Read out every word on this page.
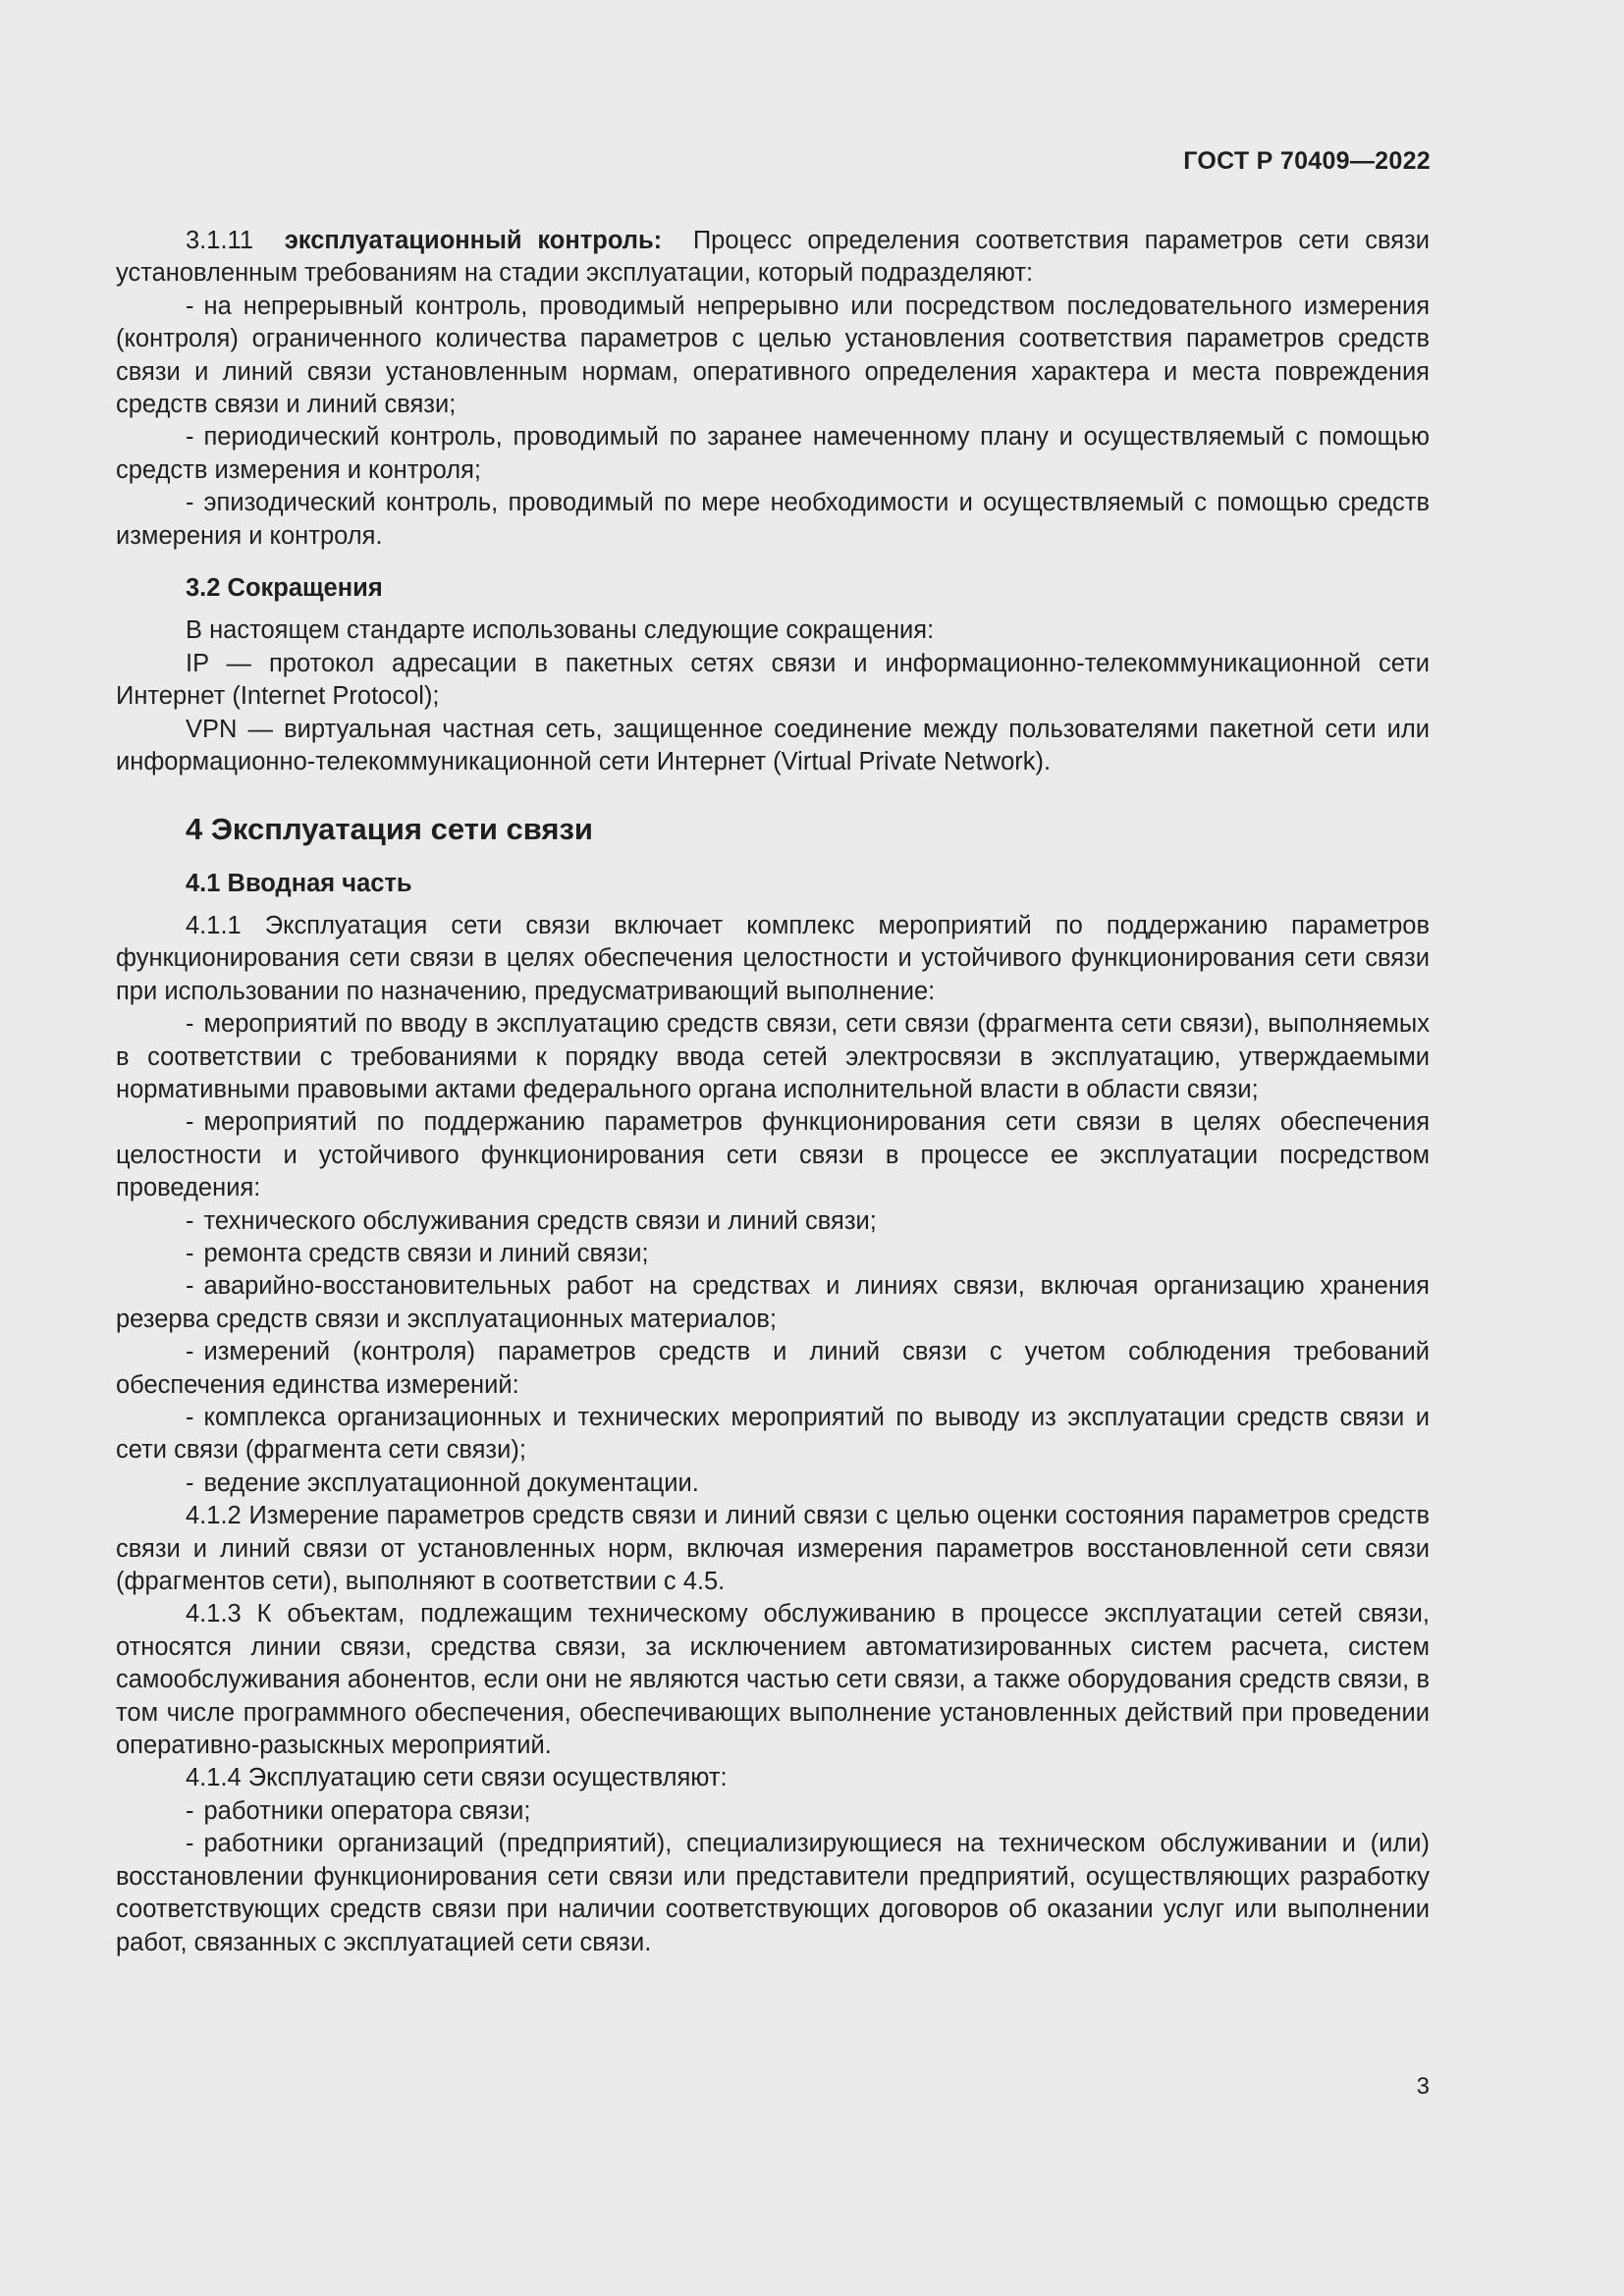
ГОСТ Р 70409—2022

3.1.11 эксплуатационный контроль: Процесс определения соответствия параметров сети связи установленным требованиям на стадии эксплуатации, который подразделяют:

- на непрерывный контроль, проводимый непрерывно или посредством последовательного измерения (контроля) ограниченного количества параметров с целью установления соответствия параметров средств связи и линий связи установленным нормам, оперативного определения характера и места повреждения средств связи и линий связи;

- периодический контроль, проводимый по заранее намеченному плану и осуществляемый с помощью средств измерения и контроля;

- эпизодический контроль, проводимый по мере необходимости и осуществляемый с помощью средств измерения и контроля.

3.2 Сокращения

В настоящем стандарте использованы следующие сокращения:

IP — протокол адресации в пакетных сетях связи и информационно-телекоммуникационной сети Интернет (Internet Protocol);

VPN — виртуальная частная сеть, защищенное соединение между пользователями пакетной сети или информационно-телекоммуникационной сети Интернет (Virtual Private Network).

4 Эксплуатация сети связи
4.1 Вводная часть

4.1.1 Эксплуатация сети связи включает комплекс мероприятий по поддержанию параметров функционирования сети связи в целях обеспечения целостности и устойчивого функционирования сети связи при использовании по назначению, предусматривающий выполнение:

- мероприятий по вводу в эксплуатацию средств связи, сети связи (фрагмента сети связи), выполняемых в соответствии с требованиями к порядку ввода сетей электросвязи в эксплуатацию, утверждаемыми нормативными правовыми актами федерального органа исполнительной власти в области связи;

- мероприятий по поддержанию параметров функционирования сети связи в целях обеспечения целостности и устойчивого функционирования сети связи в процессе ее эксплуатации посредством проведения:

- технического обслуживания средств связи и линий связи;

- ремонта средств связи и линий связи;

- аварийно-восстановительных работ на средствах и линиях связи, включая организацию хранения резерва средств связи и эксплуатационных материалов;

- измерений (контроля) параметров средств и линий связи с учетом соблюдения требований обеспечения единства измерений:

- комплекса организационных и технических мероприятий по выводу из эксплуатации средств связи и сети связи (фрагмента сети связи);

- ведение эксплуатационной документации.

4.1.2 Измерение параметров средств связи и линий связи с целью оценки состояния параметров средств связи и линий связи от установленных норм, включая измерения параметров восстановленной сети связи (фрагментов сети), выполняют в соответствии с 4.5.

4.1.3 К объектам, подлежащим техническому обслуживанию в процессе эксплуатации сетей связи, относятся линии связи, средства связи, за исключением автоматизированных систем расчета, систем самообслуживания абонентов, если они не являются частью сети связи, а также оборудования средств связи, в том числе программного обеспечения, обеспечивающих выполнение установленных действий при проведении оперативно-разыскных мероприятий.

4.1.4 Эксплуатацию сети связи осуществляют:

- работники оператора связи;

- работники организаций (предприятий), специализирующиеся на техническом обслуживании и (или) восстановлении функционирования сети связи или представители предприятий, осуществляющих разработку соответствующих средств связи при наличии соответствующих договоров об оказании услуг или выполнении работ, связанных с эксплуатацией сети связи.

3
